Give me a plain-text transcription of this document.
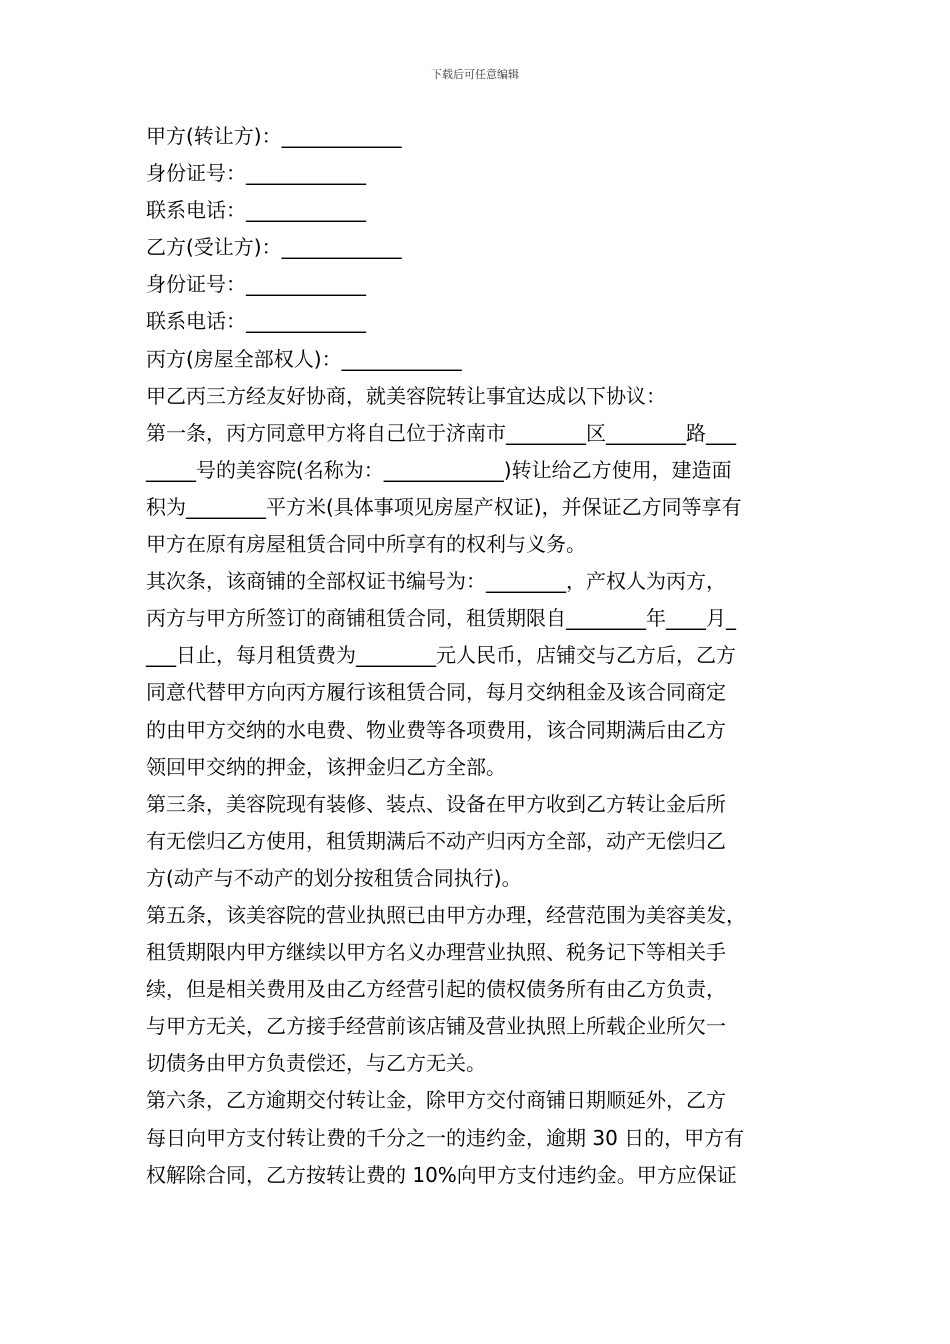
下载后可任意编辑
甲方(转让方)：____________
身份证号：____________
联系电话：____________
乙方(受让方)：____________
身份证号：____________
联系电话：____________
丙方(房屋全部权人)：____________
甲乙丙三方经友好协商，就美容院转让事宜达成以下协议：
第一条，丙方同意甲方将自己位于济南市________区________路___
_____号的美容院(名称为：____________)转让给乙方使用，建造面
积为________平方米(具体事项见房屋产权证)，并保证乙方同等享有
甲方在原有房屋租赁合同中所享有的权利与义务。
其次条，该商铺的全部权证书编号为：________，产权人为丙方，
丙方与甲方所签订的商铺租赁合同，租赁期限自________年____月_
___日止，每月租赁费为________元人民币，店铺交与乙方后，乙方
同意代替甲方向丙方履行该租赁合同，每月交纳租金及该合同商定
的由甲方交纳的水电费、物业费等各项费用，该合同期满后由乙方
领回甲交纳的押金，该押金归乙方全部。
第三条，美容院现有装修、装点、设备在甲方收到乙方转让金后所
有无偿归乙方使用，租赁期满后不动产归丙方全部，动产无偿归乙
方(动产与不动产的划分按租赁合同执行)。
第五条，该美容院的营业执照已由甲方办理，经营范围为美容美发，
租赁期限内甲方继续以甲方名义办理营业执照、税务记下等相关手
续，但是相关费用及由乙方经营引起的债权债务所有由乙方负责，
与甲方无关，乙方接手经营前该店铺及营业执照上所载企业所欠一
切债务由甲方负责偿还，与乙方无关。
第六条，乙方逾期交付转让金，除甲方交付商铺日期顺延外，乙方
每日向甲方支付转让费的千分之一的违约金，逾期 30 日的，甲方有
权解除合同，乙方按转让费的 10%向甲方支付违约金。甲方应保证
